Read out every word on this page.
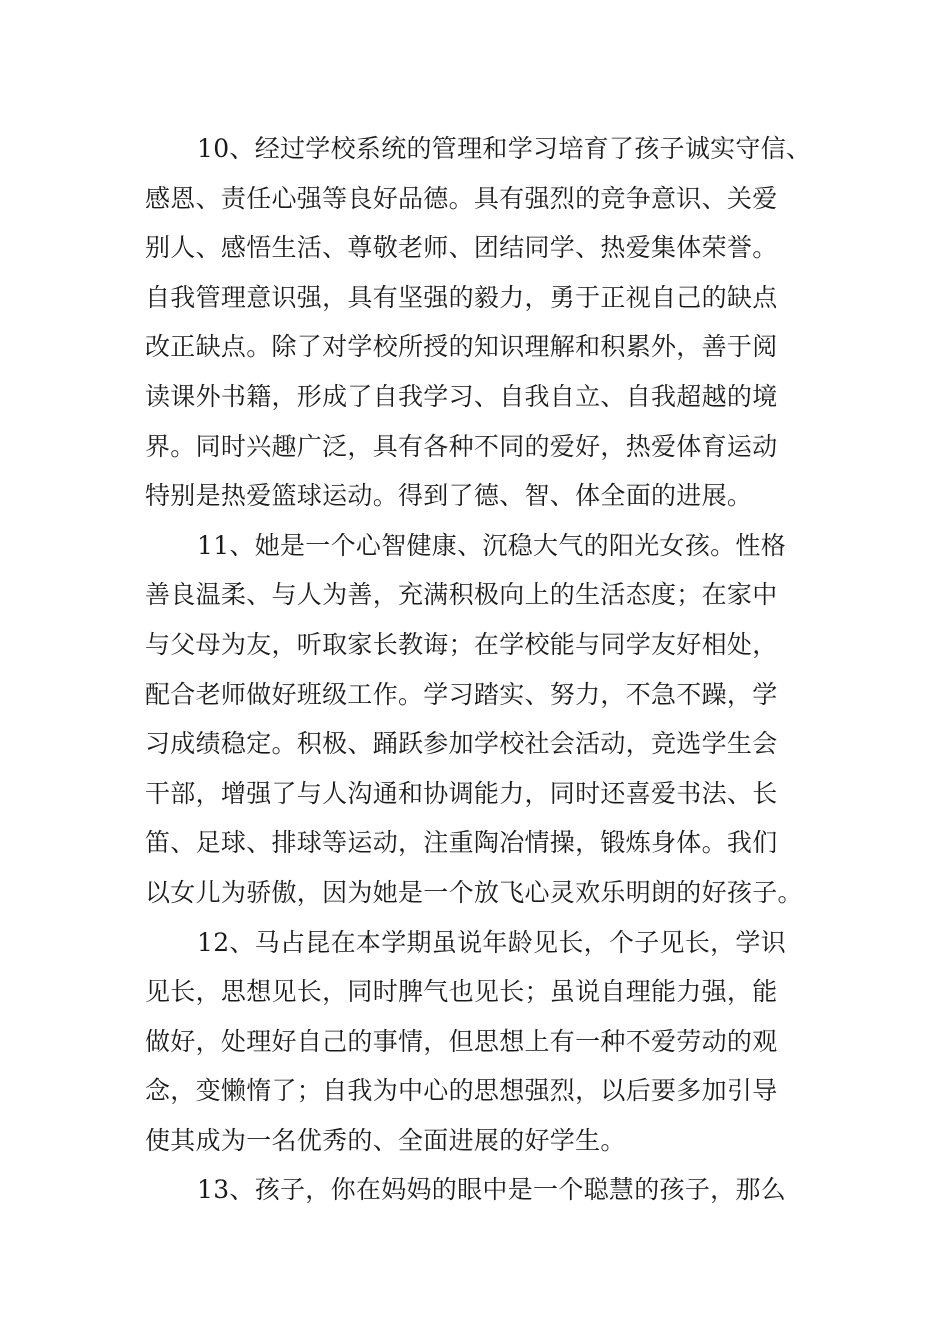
10、经过学校系统的管理和学习培育了孩子诚实守信、
感恩、责任心强等良好品德。具有强烈的竞争意识、关爱
别人、感悟生活、尊敬老师、团结同学、热爱集体荣誉。
自我管理意识强，具有坚强的毅力，勇于正视自己的缺点
改正缺点。除了对学校所授的知识理解和积累外，善于阅
读课外书籍，形成了自我学习、自我自立、自我超越的境
界。同时兴趣广泛，具有各种不同的爱好，热爱体育运动
特别是热爱篮球运动。得到了德、智、体全面的进展。
11、她是一个心智健康、沉稳大气的阳光女孩。性格
善良温柔、与人为善，充满积极向上的生活态度；在家中
与父母为友，听取家长教诲；在学校能与同学友好相处，
配合老师做好班级工作。学习踏实、努力，不急不躁，学
习成绩稳定。积极、踊跃参加学校社会活动，竞选学生会
干部，增强了与人沟通和协调能力，同时还喜爱书法、长
笛、足球、排球等运动，注重陶冶情操，锻炼身体。我们
以女儿为骄傲，因为她是一个放飞心灵欢乐明朗的好孩子。
12、马占昆在本学期虽说年龄见长，个子见长，学识
见长，思想见长，同时脾气也见长；虽说自理能力强，能
做好，处理好自己的事情，但思想上有一种不爱劳动的观
念，变懒惰了；自我为中心的思想强烈，以后要多加引导
使其成为一名优秀的、全面进展的好学生。
13、孩子，你在妈妈的眼中是一个聪慧的孩子，那么
